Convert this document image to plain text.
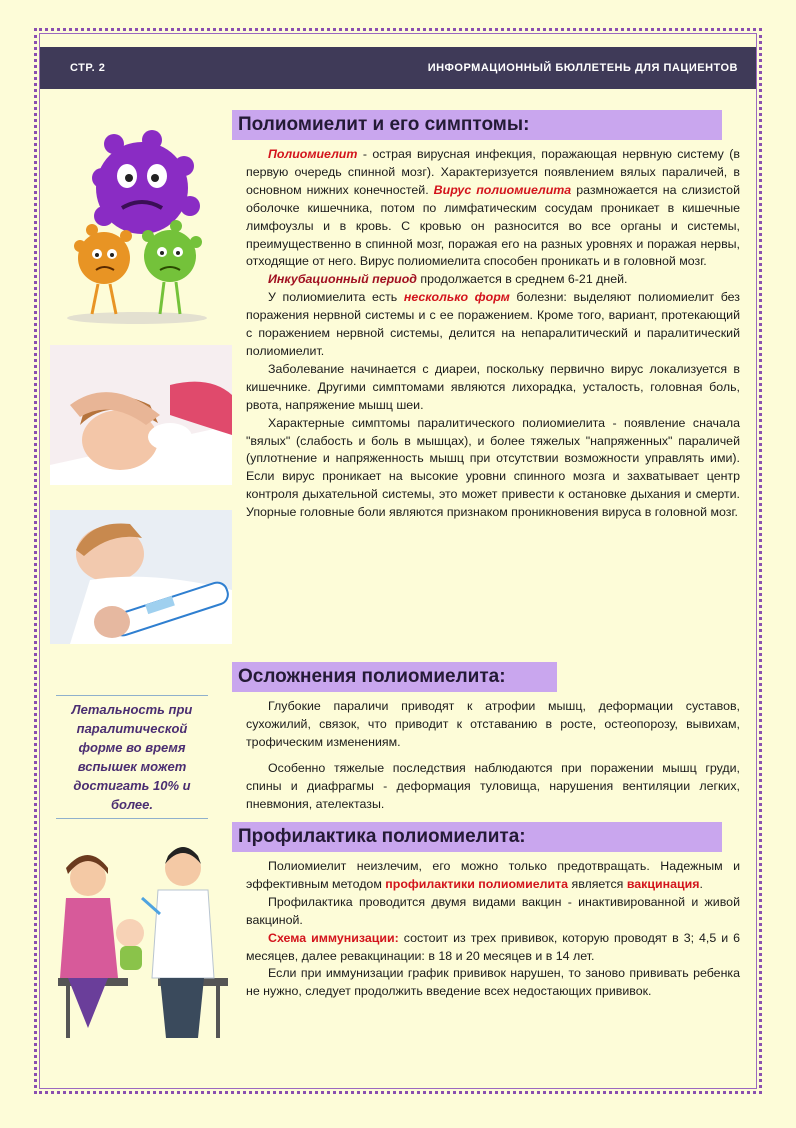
СТР. 2	ИНФОРМАЦИОННЫЙ БЮЛЛЕТЕНЬ ДЛЯ ПАЦИЕНТОВ
Полиомиелит и его симптомы:

Полиомиелит - острая вирусная инфекция, поражающая нервную систему (в первую очередь спинной мозг). Характеризуется появлением вялых параличей, в основном нижних конечностей. Вирус полиомиелита размножается на слизистой оболочке кишечника, потом по лимфатическим сосудам проникает в кишечные лимфоузлы и в кровь. С кровью он разносится во все органы и системы, преимущественно в спинной мозг, поражая его на разных уровнях и поражая нервы, отходящие от него. Вирус полиомиелита способен проникать и в головной мозг.

Инкубационный период продолжается в среднем 6-21 дней.

У полиомиелита есть несколько форм болезни: выделяют полиомиелит без поражения нервной системы и с ее поражением. Кроме того, вариант, протекающий с поражением нервной системы, делится на непаралитический и паралитический полиомиелит.

Заболевание начинается с диареи, поскольку первично вирус локализуется в кишечнике. Другими симптомами являются лихорадка, усталость, головная боль, рвота, напряжение мышц шеи.

Характерные симптомы паралитического полиомиелита - появление сначала "вялых" (слабость и боль в мышцах), и более тяжелых "напряженных" параличей (уплотнение и напряженность мышц при отсутствии возможности управлять ими). Если вирус проникает на высокие уровни спинного мозга и захватывает центр контроля дыхательной системы, это может привести к остановке дыхания и смерти. Упорные головные боли являются признаком проникновения вируса в головной мозг.

Осложнения полиомиелита:

Глубокие параличи приводят к атрофии мышц, деформации суставов, сухожилий, связок, что приводит к отставанию в росте, остеопорозу, вывихам, трофическим изменениям.

Особенно тяжелые последствия наблюдаются при поражении мышц груди, спины и диафрагмы - деформация туловища, нарушения вентиляции легких, пневмония, ателектазы.

Летальность при паралитической форме во время вспышек может достигать 10% и более.
Профилактика полиомиелита:

Полиомиелит неизлечим, его можно только предотвращать. Надежным и эффективным методом профилактики полиомиелита является вакцинация.

Профилактика проводится двумя видами вакцин - инактивированной и живой вакциной.

Схема иммунизации: состоит из трех прививок, которую проводят в 3; 4,5 и 6 месяцев, далее ревакцинации: в 18 и 20 месяцев и в 14 лет.

Если при иммунизации график прививок нарушен, то заново прививать ребенка не нужно, следует продолжить введение всех недостающих прививок.
